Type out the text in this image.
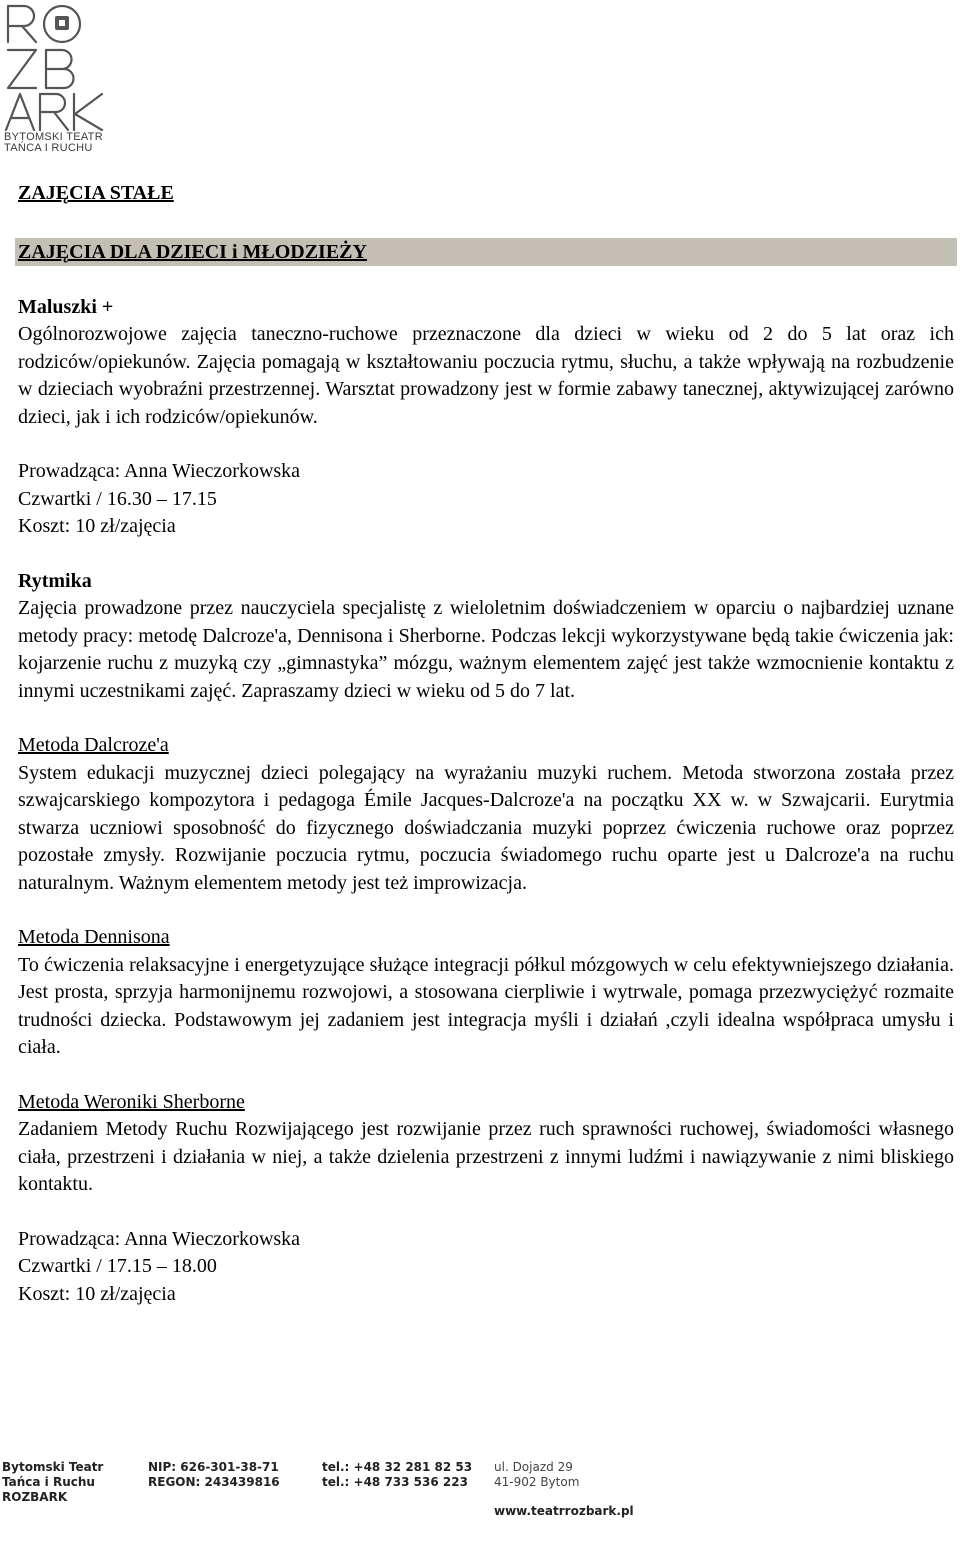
BYTOMSKI TEATR
TAŃCA I RUCHU
ZAJĘCIA STAŁE
ZAJĘCIA DLA DZIECI i MŁODZIEŻY
Maluszki +

Ogólnorozwojowe zajęcia taneczno-ruchowe przeznaczone dla dzieci w wieku od 2 do 5 lat oraz ich rodziców/opiekunów. Zajęcia pomagają w kształtowaniu poczucia rytmu, słuchu, a także wpływają na rozbudzenie w dzieciach wyobraźni przestrzennej. Warsztat prowadzony jest w formie zabawy tanecznej, aktywizującej zarówno dzieci, jak i ich rodziców/opiekunów.

Prowadząca: Anna Wieczorkowska
Czwartki / 16.30 – 17.15
Koszt: 10 zł/zajęcia
Rytmika

Zajęcia prowadzone przez nauczyciela specjalistę z wieloletnim doświadczeniem w oparciu o najbardziej uznane metody pracy: metodę Dalcroze'a, Dennisona i Sherborne. Podczas lekcji wykorzystywane będą takie ćwiczenia jak: kojarzenie ruchu z muzyką czy „gimnastyka” mózgu, ważnym elementem zajęć jest także wzmocnienie kontaktu z innymi uczestnikami zajęć. Zapraszamy dzieci w wieku od 5 do 7 lat.

Metoda Dalcroze'a

System edukacji muzycznej dzieci polegający na wyrażaniu muzyki ruchem. Metoda stworzona została przez szwajcarskiego kompozytora i pedagoga Émile Jacques-Dalcroze'a na początku XX w. w Szwajcarii. Eurytmia stwarza uczniowi sposobność do fizycznego doświadczania muzyki poprzez ćwiczenia ruchowe oraz poprzez pozostałe zmysły. Rozwijanie poczucia rytmu, poczucia świadomego ruchu oparte jest u Dalcroze'a na ruchu naturalnym. Ważnym elementem metody jest też improwizacja.

Metoda Dennisona

To ćwiczenia relaksacyjne i energetyzujące służące integracji półkul mózgowych w celu efektywniejszego działania. Jest prosta, sprzyja harmonijnemu rozwojowi, a stosowana cierpliwie i wytrwale, pomaga przezwyciężyć rozmaite trudności dziecka. Podstawowym jej zadaniem jest integracja myśli i działań ,czyli idealna współpraca umysłu i ciała.

Metoda Weroniki Sherborne

Zadaniem Metody Ruchu Rozwijającego jest rozwijanie przez ruch sprawności ruchowej, świadomości własnego ciała, przestrzeni i działania w niej, a także dzielenia przestrzeni z innymi ludźmi i nawiązywanie z nimi bliskiego kontaktu.

Prowadząca: Anna Wieczorkowska
Czwartki / 17.15 – 18.00
Koszt: 10 zł/zajęcia
Bytomski Teatr
Tańca i Ruchu
ROZBARK
NIP: 626-301-38-71
REGON: 243439816
tel.: +48 32 281 82 53
tel.: +48 733 536 223
ul. Dojazd 29
41-902 Bytom
www.teatrrozbark.pl
